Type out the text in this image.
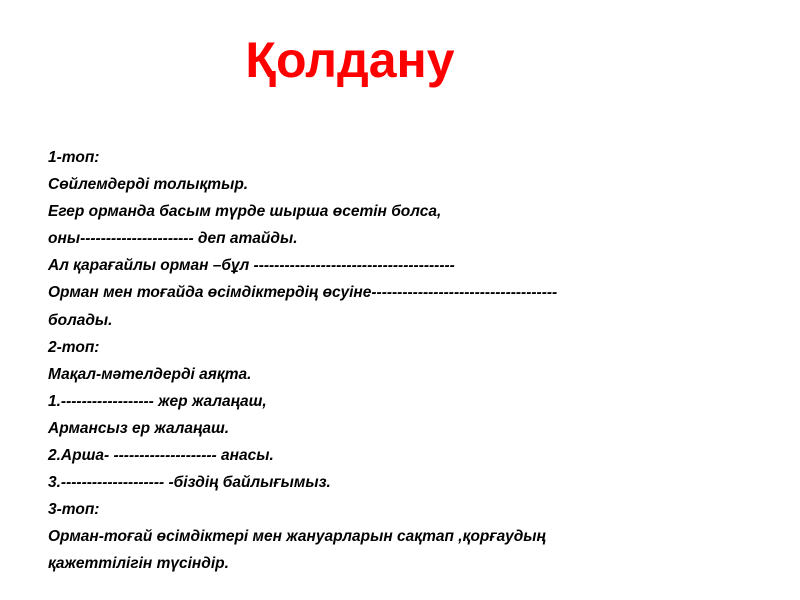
Қолдану
1-топ:
Сөйлемдерді толықтыр.
Егер орманда басым түрде шырша өсетін болса,
оны---------------------- деп атайды.
Ал қарағайлы орман –бұл ---------------------------------------
Орман мен тоғайда өсімдіктердің өсуіне------------------------------------
болады.
2-топ:
Мақал-мәтелдерді аяқта.
1.------------------ жер жалаңаш,
Армансыз ер жалаңаш.
2.Арша- -------------------- анасы.
3.-------------------- -біздің байлығымыз.
3-топ:
Орман-тоғай өсімдіктері мен жануарларын сақтап ,қорғаудың
қажеттілігін түсіндір.
